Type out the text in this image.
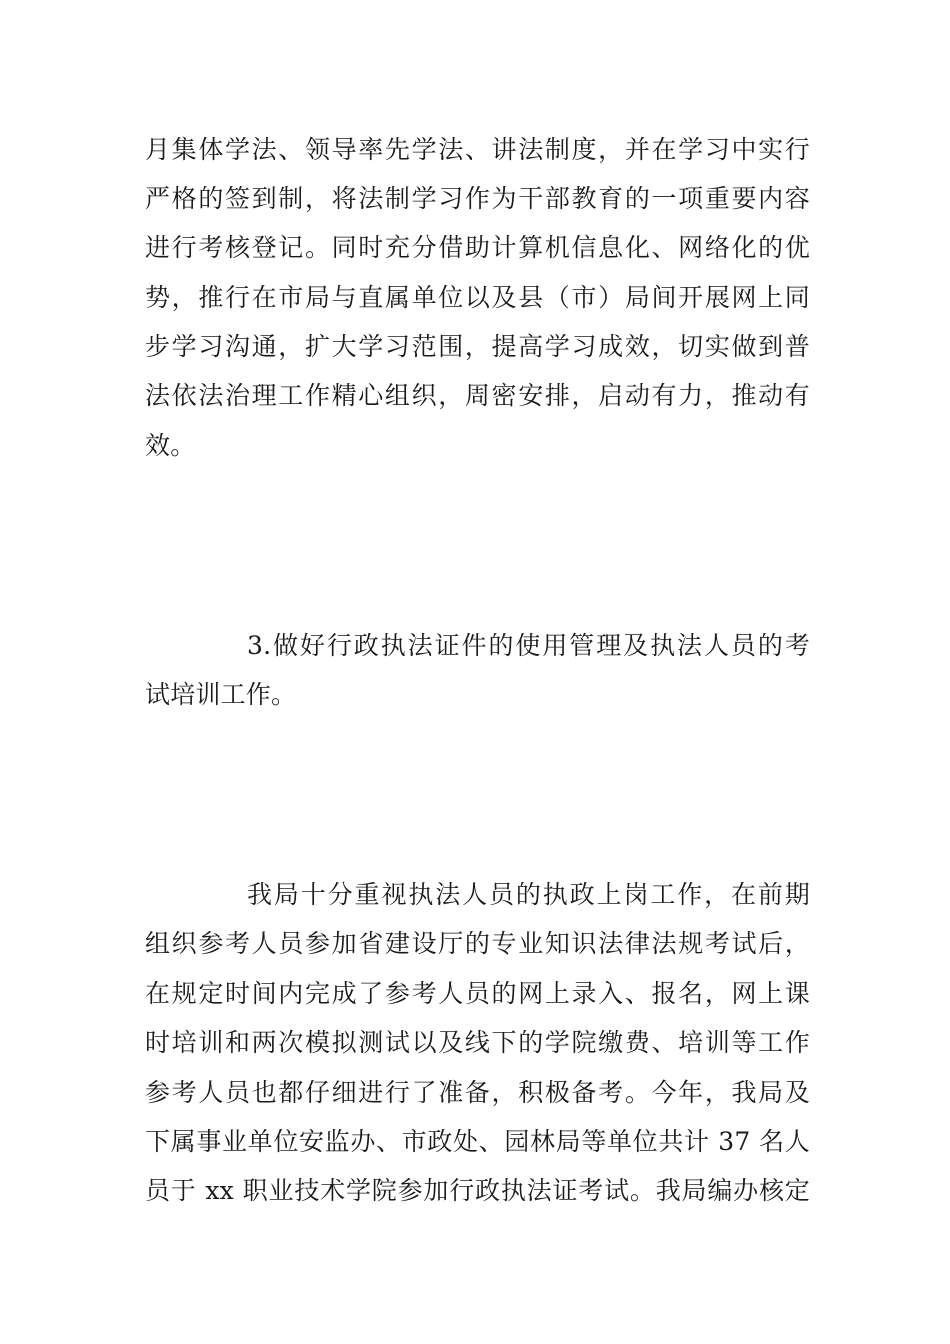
月集体学法、领导率先学法、讲法制度，并在学习中实行
严格的签到制，将法制学习作为干部教育的一项重要内容
进行考核登记。同时充分借助计算机信息化、网络化的优
势，推行在市局与直属单位以及县（市）局间开展网上同
步学习沟通，扩大学习范围，提高学习成效，切实做到普
法依法治理工作精心组织，周密安排，启动有力，推动有
效。
3.做好行政执法证件的使用管理及执法人员的考
试培训工作。
我局十分重视执法人员的执政上岗工作，在前期
组织参考人员参加省建设厅的专业知识法律法规考试后，
在规定时间内完成了参考人员的网上录入、报名，网上课
时培训和两次模拟测试以及线下的学院缴费、培训等工作
参考人员也都仔细进行了准备，积极备考。今年，我局及
下属事业单位安监办、市政处、园林局等单位共计 37 名人
员于 xx 职业技术学院参加行政执法证考试。我局编办核定
